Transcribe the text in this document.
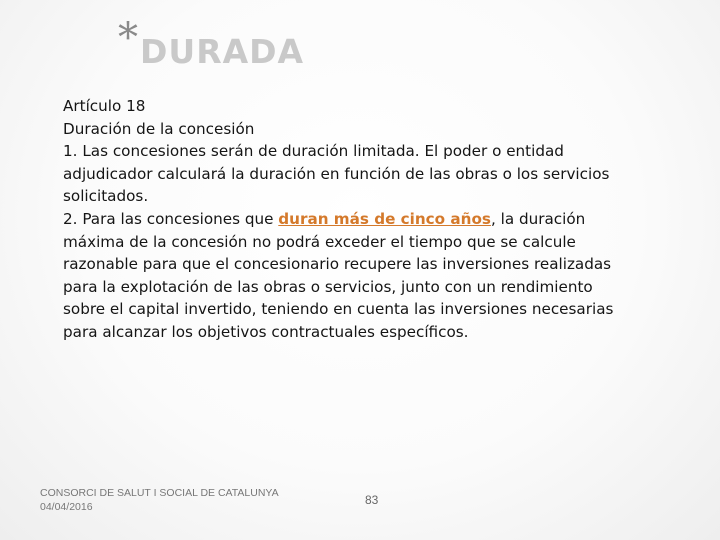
* DURADA

Artículo 18

Duración de la concesión

1. Las concesiones serán de duración limitada. El poder o entidad adjudicador calculará la duración en función de las obras o los servicios solicitados.

2. Para las concesiones que duran más de cinco años, la duración máxima de la concesión no podrá exceder el tiempo que se calcule razonable para que el concesionario recupere las inversiones realizadas para la explotación de las obras o servicios, junto con un rendimiento sobre el capital invertido, teniendo en cuenta las inversiones necesarias para alcanzar los objetivos contractuales específicos.

CONSORCI DE SALUT I SOCIAL DE CATALUNYA
04/04/2016	83
